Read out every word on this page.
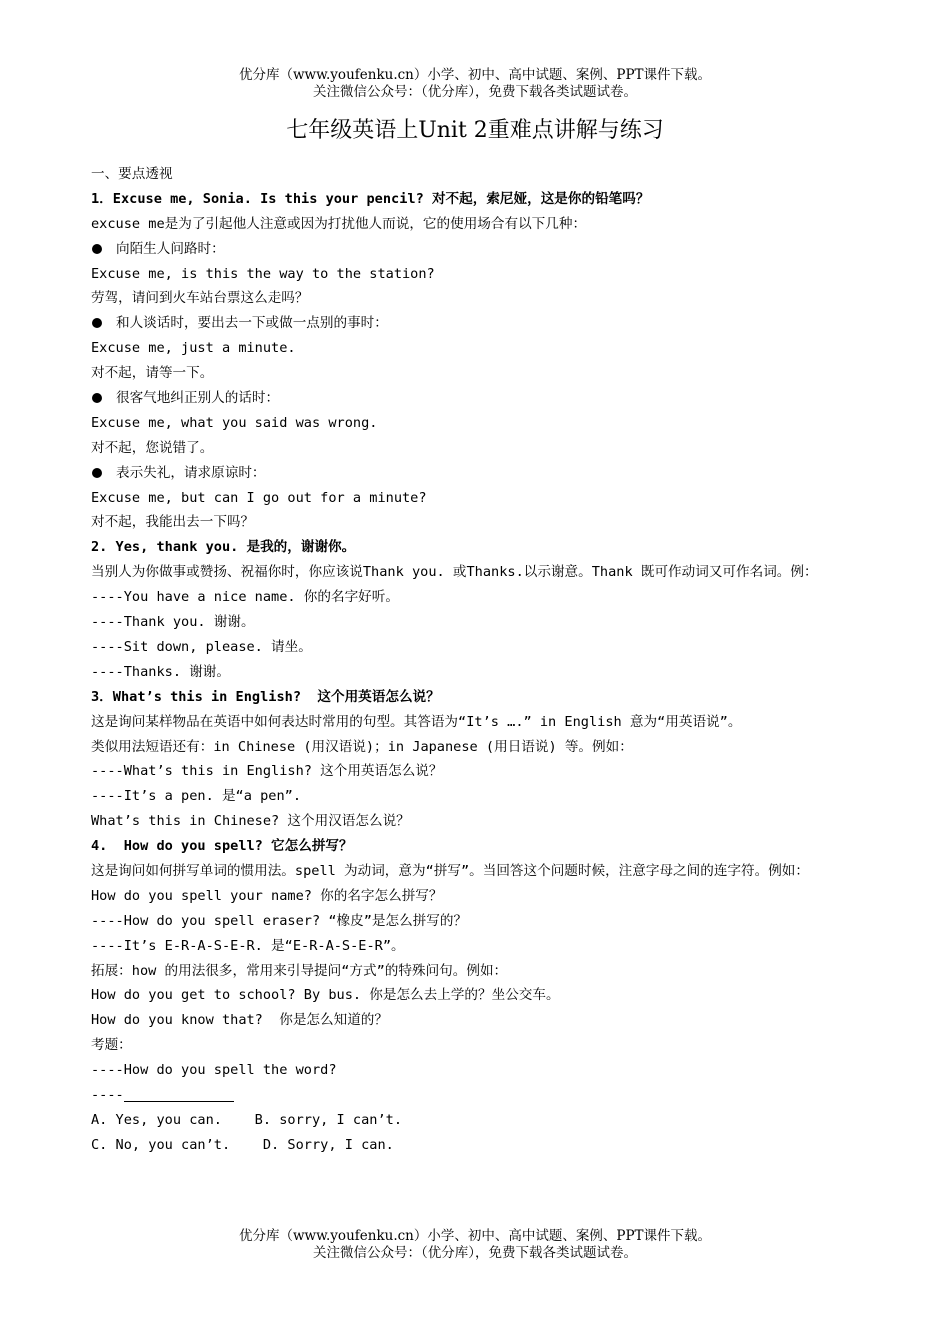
优分库（www.youfenku.cn）小学、初中、高中试题、案例、PPT课件下载。
关注微信公众号：（优分库），免费下载各类试题试卷。
七年级英语上Unit 2重难点讲解与练习
一、要点透视
1．Excuse me, Sonia. Is this your pencil? 对不起，索尼娅，这是你的铅笔吗？
excuse me是为了引起他人注意或因为打扰他人而说，它的使用场合有以下几种：
向陌生人问路时：
Excuse me, is this the way to the station?
劳驾，请问到火车站台票这么走吗？
和人谈话时，要出去一下或做一点别的事时：
Excuse me, just a minute.
对不起，请等一下。
很客气地纠正别人的话时：
Excuse me, what you said was wrong.
对不起，您说错了。
表示失礼，请求原谅时：
Excuse me, but can I go out for a minute?
对不起，我能出去一下吗？
2. Yes, thank you. 是我的，谢谢你。
当别人为你做事或赞扬、祝福你时，你应该说Thank you. 或Thanks.以示谢意。Thank 既可作动词又可作名词。例：
----You have a nice name. 你的名字好听。
----Thank you. 谢谢。
----Sit down, please. 请坐。
----Thanks. 谢谢。
3．What’s this in English?  这个用英语怎么说？
这是询问某样物品在英语中如何表达时常用的句型。其答语为“It’s ….” in English 意为“用英语说”。
类似用法短语还有：in Chinese (用汉语说)；in Japanese (用日语说) 等。例如：
----What’s this in English? 这个用英语怎么说？
----It’s a pen. 是“a pen”.
What’s this in Chinese? 这个用汉语怎么说？
4.  How do you spell? 它怎么拼写？
这是询问如何拼写单词的惯用法。spell 为动词，意为“拼写”。当回答这个问题时候，注意字母之间的连字符。例如：
How do you spell your name? 你的名字怎么拼写？
----How do you spell eraser? “橡皮”是怎么拼写的？
----It’s E-R-A-S-E-R. 是“E-R-A-S-E-R”。
拓展：how 的用法很多，常用来引导提问“方式”的特殊问句。例如：
How do you get to school? By bus. 你是怎么去上学的？坐公交车。
How do you know that?  你是怎么知道的？
考题：
----How do you spell the word?
----
A. Yes, you can.    B. sorry, I can’t.
C. No, you can’t.    D. Sorry, I can.
优分库（www.youfenku.cn）小学、初中、高中试题、案例、PPT课件下载。
关注微信公众号：（优分库），免费下载各类试题试卷。
